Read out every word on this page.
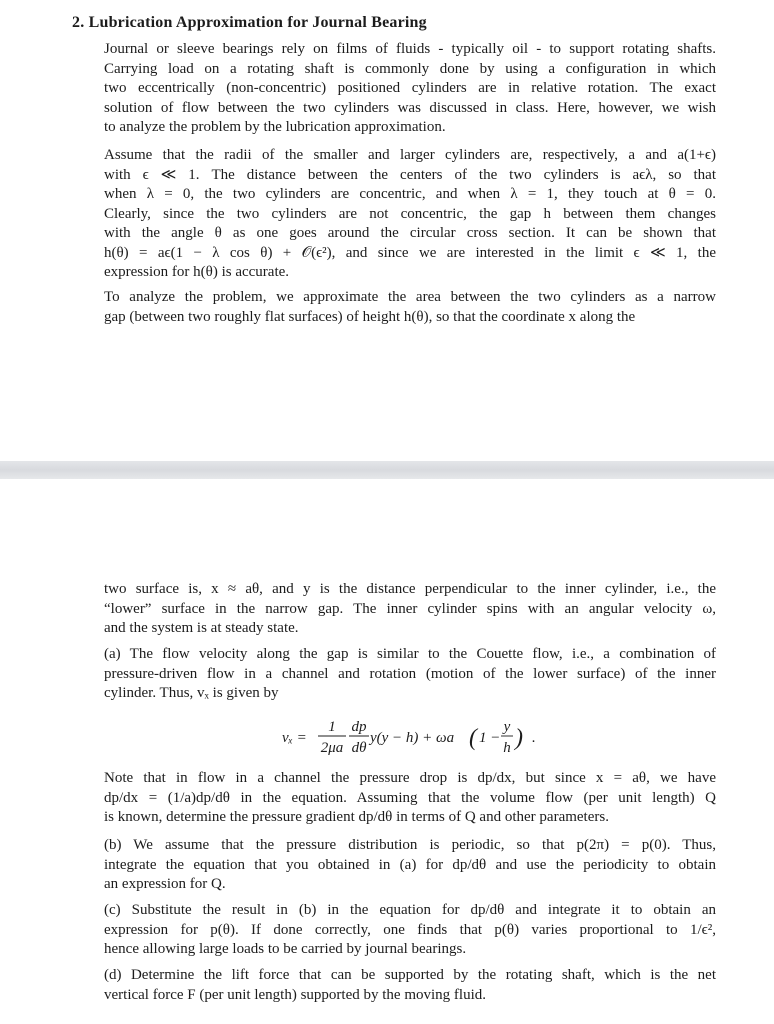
2. Lubrication Approximation for Journal Bearing
Journal or sleeve bearings rely on films of fluids - typically oil - to support rotating shafts.
Carrying load on a rotating shaft is commonly done by using a configuration in which
two eccentrically (non-concentric) positioned cylinders are in relative rotation. The exact
solution of flow between the two cylinders was discussed in class. Here, however, we wish
to analyze the problem by the lubrication approximation.
Assume that the radii of the smaller and larger cylinders are, respectively, a and a(1+ϵ)
with ϵ ≪ 1. The distance between the centers of the two cylinders is aϵλ, so that
when λ = 0, the two cylinders are concentric, and when λ = 1, they touch at θ = 0.
Clearly, since the two cylinders are not concentric, the gap h between them changes
with the angle θ as one goes around the circular cross section. It can be shown that
h(θ) = aϵ(1 − λ cos θ) + 𝒪(ϵ²), and since we are interested in the limit ϵ ≪ 1, the
expression for h(θ) is accurate.
To analyze the problem, we approximate the area between the two cylinders as a narrow
gap (between two roughly flat surfaces) of height h(θ), so that the coordinate x along the
two surface is, x ≈ aθ, and y is the distance perpendicular to the inner cylinder, i.e., the
“lower” surface in the narrow gap. The inner cylinder spins with an angular velocity ω,
and the system is at steady state.
(a) The flow velocity along the gap is similar to the Couette flow, i.e., a combination of
pressure-driven flow in a channel and rotation (motion of the lower surface) of the inner
cylinder. Thus, vₓ is given by
vₓ =
1
2μa
dp
dθ
y(y − h) + ωa ( 1 −
y
h ) .
Note that in flow in a channel the pressure drop is dp/dx, but since x = aθ, we have
dp/dx = (1/a)dp/dθ in the equation. Assuming that the volume flow (per unit length) Q
is known, determine the pressure gradient dp/dθ in terms of Q and other parameters.
(b) We assume that the pressure distribution is periodic, so that p(2π) = p(0). Thus,
integrate the equation that you obtained in (a) for dp/dθ and use the periodicity to obtain
an expression for Q.
(c) Substitute the result in (b) in the equation for dp/dθ and integrate it to obtain an
expression for p(θ). If done correctly, one finds that p(θ) varies proportional to 1/ϵ²,
hence allowing large loads to be carried by journal bearings.
(d) Determine the lift force that can be supported by the rotating shaft, which is the net
vertical force F (per unit length) supported by the moving fluid.
